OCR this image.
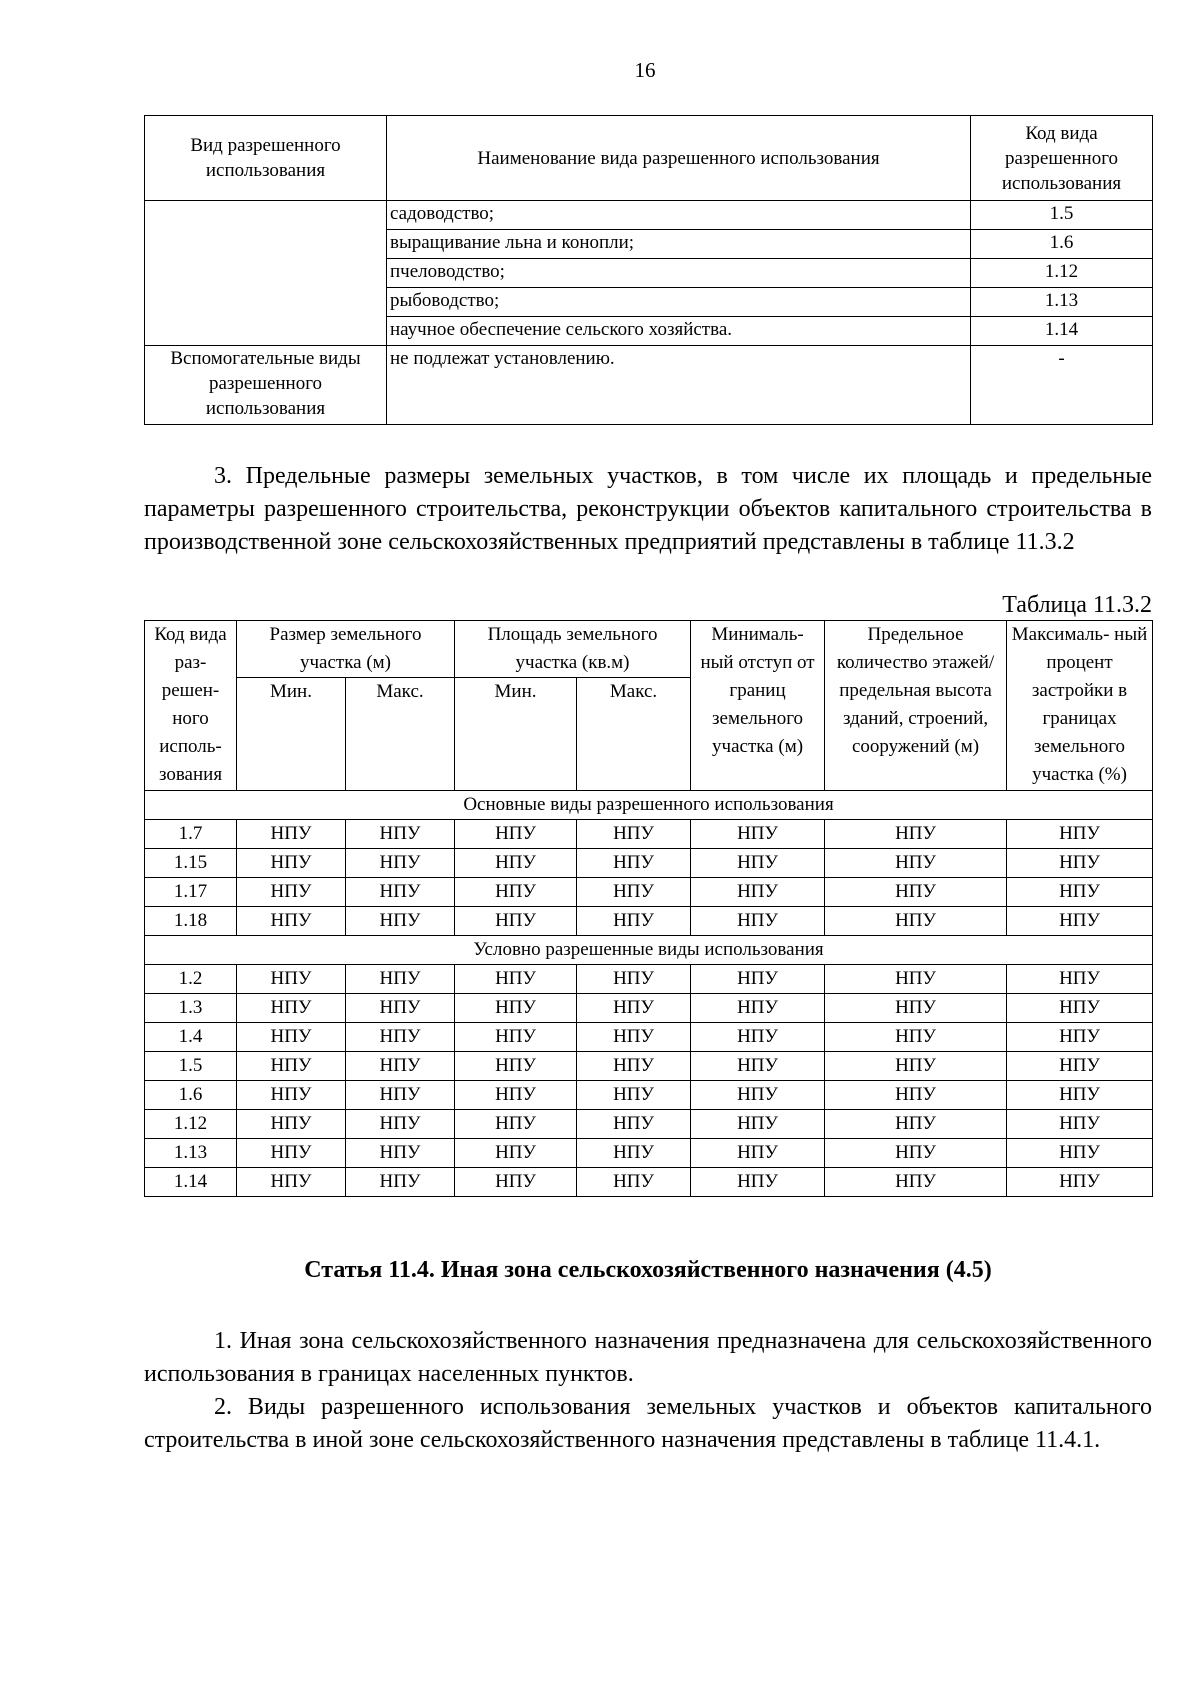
16
Вид разрешенного использования	Наименование вида разрешенного использования	Код вида разрешенного использования
	садоводство;	1.5
	выращивание льна и конопли;	1.6
	пчеловодство;	1.12
	рыбоводство;	1.13
	научное обеспечение сельского хозяйства.	1.14
Вспомогательные виды разрешенного использования	не подлежат установлению.	-
3. Предельные размеры земельных участков, в том числе их площадь и предельные параметры разрешенного строительства, реконструкции объектов капитального строительства в производственной зоне сельскохозяйственных предприятий представлены в таблице 11.3.2
Таблица 11.3.2
Код вида раз- решен- ного исполь- зования	Размер земельного участка (м)		Площадь земельного участка (кв.м)		Минималь- ный отступ от границ земельного участка (м)	Предельное количество этажей/ предельная высота зданий, строений, сооружений (м)	Максималь- ный процент застройки в границах земельного участка (%)
	Мин.	Макс.	Мин.	Макс.			
Основные виды разрешенного использования							
1.7	НПУ	НПУ	НПУ	НПУ	НПУ	НПУ	НПУ
1.15	НПУ	НПУ	НПУ	НПУ	НПУ	НПУ	НПУ
1.17	НПУ	НПУ	НПУ	НПУ	НПУ	НПУ	НПУ
1.18	НПУ	НПУ	НПУ	НПУ	НПУ	НПУ	НПУ
Условно разрешенные виды использования							
1.2	НПУ	НПУ	НПУ	НПУ	НПУ	НПУ	НПУ
1.3	НПУ	НПУ	НПУ	НПУ	НПУ	НПУ	НПУ
1.4	НПУ	НПУ	НПУ	НПУ	НПУ	НПУ	НПУ
1.5	НПУ	НПУ	НПУ	НПУ	НПУ	НПУ	НПУ
1.6	НПУ	НПУ	НПУ	НПУ	НПУ	НПУ	НПУ
1.12	НПУ	НПУ	НПУ	НПУ	НПУ	НПУ	НПУ
1.13	НПУ	НПУ	НПУ	НПУ	НПУ	НПУ	НПУ
1.14	НПУ	НПУ	НПУ	НПУ	НПУ	НПУ	НПУ
Статья 11.4. Иная зона сельскохозяйственного назначения (4.5)
1. Иная зона сельскохозяйственного назначения предназначена для сельскохозяйственного использования в границах населенных пунктов.
2. Виды разрешенного использования земельных участков и объектов капитального строительства в иной зоне сельскохозяйственного назначения представлены в таблице 11.4.1.
